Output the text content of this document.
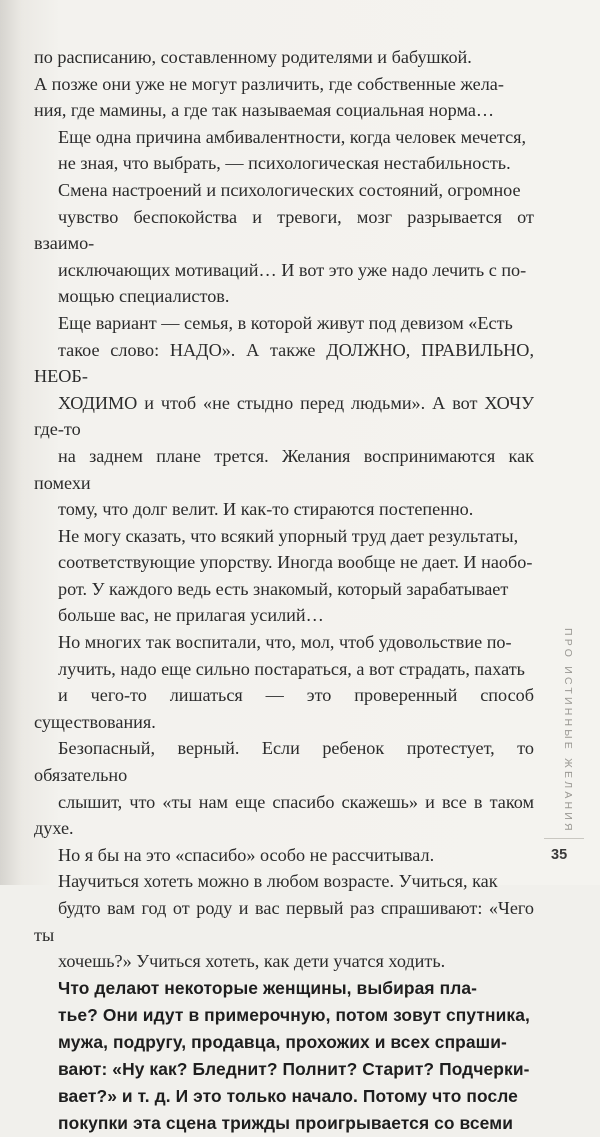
по расписанию, составленному родителями и бабушкой.
А позже они уже не могут различить, где собственные жела-
ния, где мамины, а где так называемая социальная норма…

Еще одна причина амбивалентности, когда человек мечется,
не зная, что выбрать, — психологическая нестабильность.
Смена настроений и психологических состояний, огромное
чувство беспокойства и тревоги, мозг разрывается от взаимо-
исключающих мотиваций… И вот это уже надо лечить с по-
мощью специалистов.

Еще вариант — семья, в которой живут под девизом «Есть
такое слово: НАДО». А также ДОЛЖНО, ПРАВИЛЬНО, НЕОБ-
ХОДИМО и чтоб «не стыдно перед людьми». А вот ХОЧУ где-то
на заднем плане трется. Желания воспринимаются как помехи
тому, что долг велит. И как-то стираются постепенно.

Не могу сказать, что всякий упорный труд дает результаты,
соответствующие упорству. Иногда вообще не дает. И наобо-
рот. У каждого ведь есть знакомый, который зарабатывает
больше вас, не прилагая усилий…

Но многих так воспитали, что, мол, чтоб удовольствие по-
лучить, надо еще сильно постараться, а вот страдать, пахать
и чего-то лишаться — это проверенный способ существования.
Безопасный, верный. Если ребенок протестует, то обязательно
слышит, что «ты нам еще спасибо скажешь» и все в таком духе.
Но я бы на это «спасибо» особо не рассчитывал.

Научиться хотеть можно в любом возрасте. Учиться, как
будто вам год от роду и вас первый раз спрашивают: «Чего ты
хочешь?» Учиться хотеть, как дети учатся ходить.

Что делают некоторые женщины, выбирая пла-
тье? Они идут в примерочную, потом зовут спутника,
мужа, подругу, продавца, прохожих и всех спраши-
вают: «Ну как? Бледнит? Полнит? Старит? Подчерки-
вает?» и т. д. И это только начало. Потому что после
покупки эта сцена трижды проигрывается со всеми

ПРО ИСТИННЫЕ ЖЕЛАНИЯ
35
